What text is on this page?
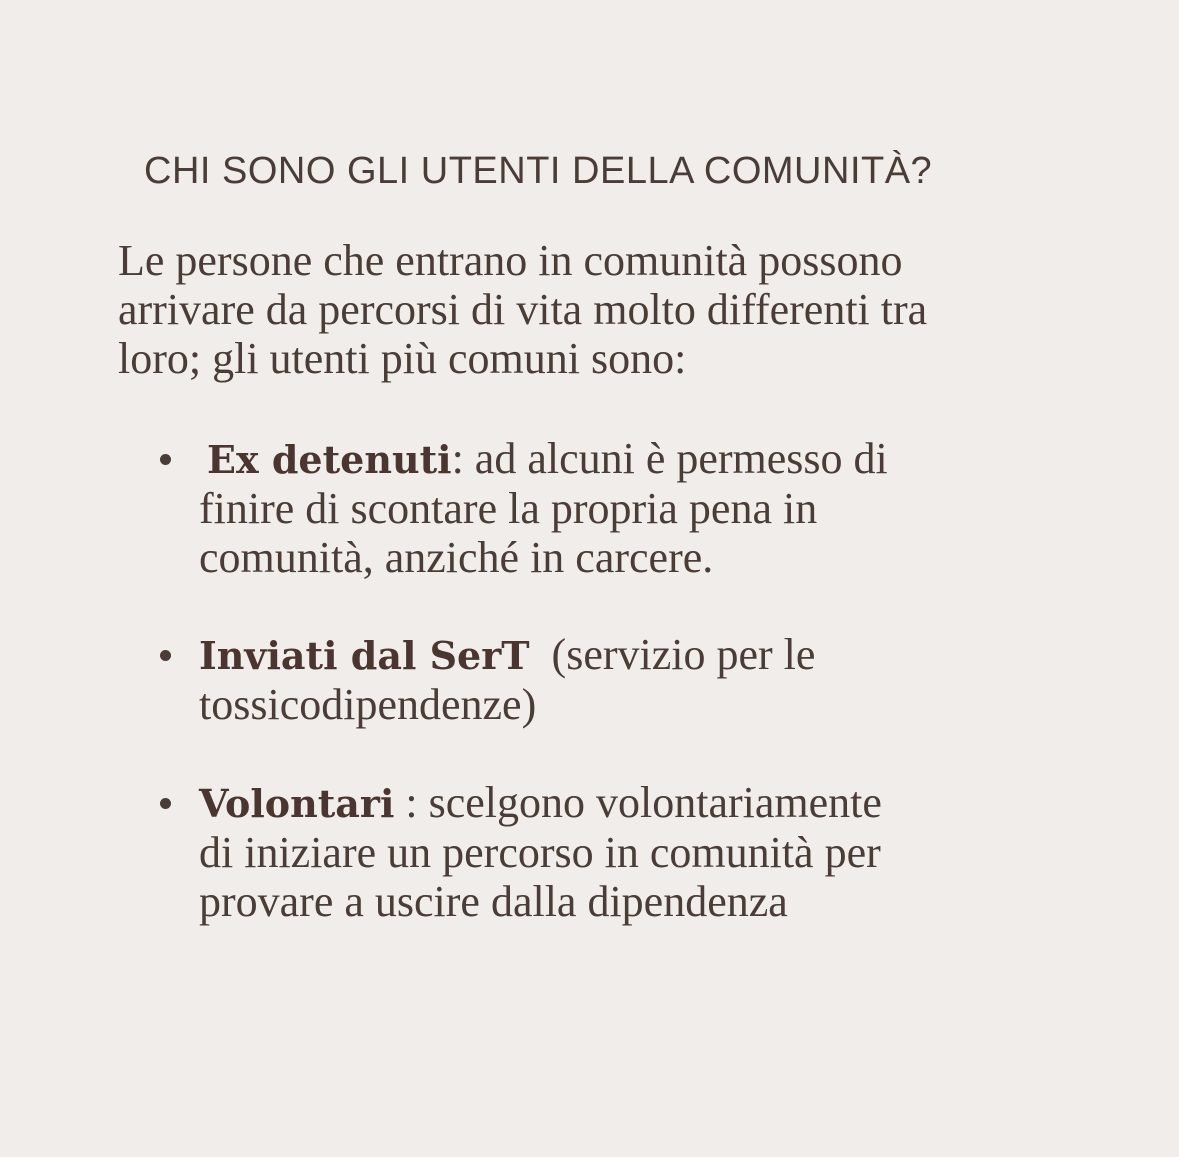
CHI SONO GLI UTENTI DELLA COMUNITÀ?

Le persone che entrano in comunità possono
arrivare da percorsi di vita molto differenti tra
loro; gli utenti più comuni sono:

Ex detenuti: ad alcuni è permesso di
finire di scontare la propria pena in
comunità, anziché in carcere.
Inviati dal SerT  (servizio per le
tossicodipendenze)
Volontari : scelgono volontariamente
di iniziare un percorso in comunità per
provare a uscire dalla dipendenza
